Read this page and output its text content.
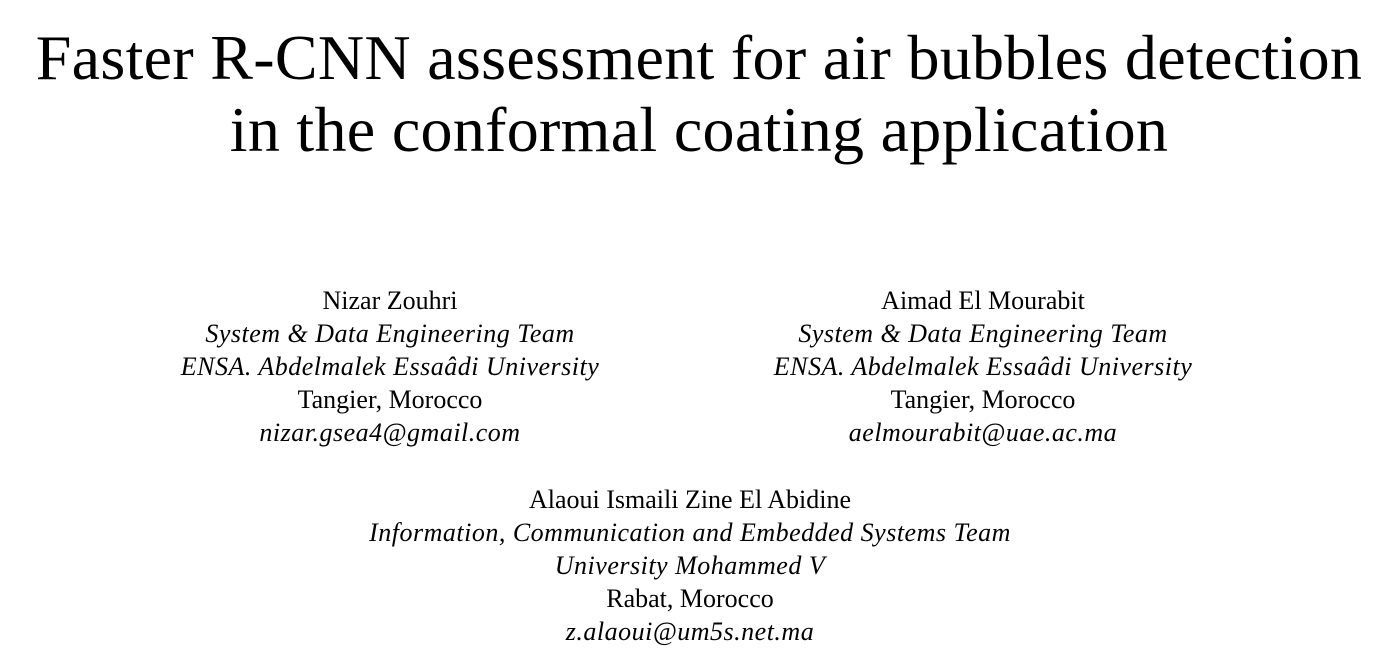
Faster R-CNN assessment for air bubbles detection
in the conformal coating application
Nizar Zouhri
System & Data Engineering Team
ENSA. Abdelmalek Essaâdi University
Tangier, Morocco
nizar.gsea4@gmail.com
Aimad El Mourabit
System & Data Engineering Team
ENSA. Abdelmalek Essaâdi University
Tangier, Morocco
aelmourabit@uae.ac.ma
Alaoui Ismaili Zine El Abidine
Information, Communication and Embedded Systems Team
University Mohammed V
Rabat, Morocco
z.alaoui@um5s.net.ma
